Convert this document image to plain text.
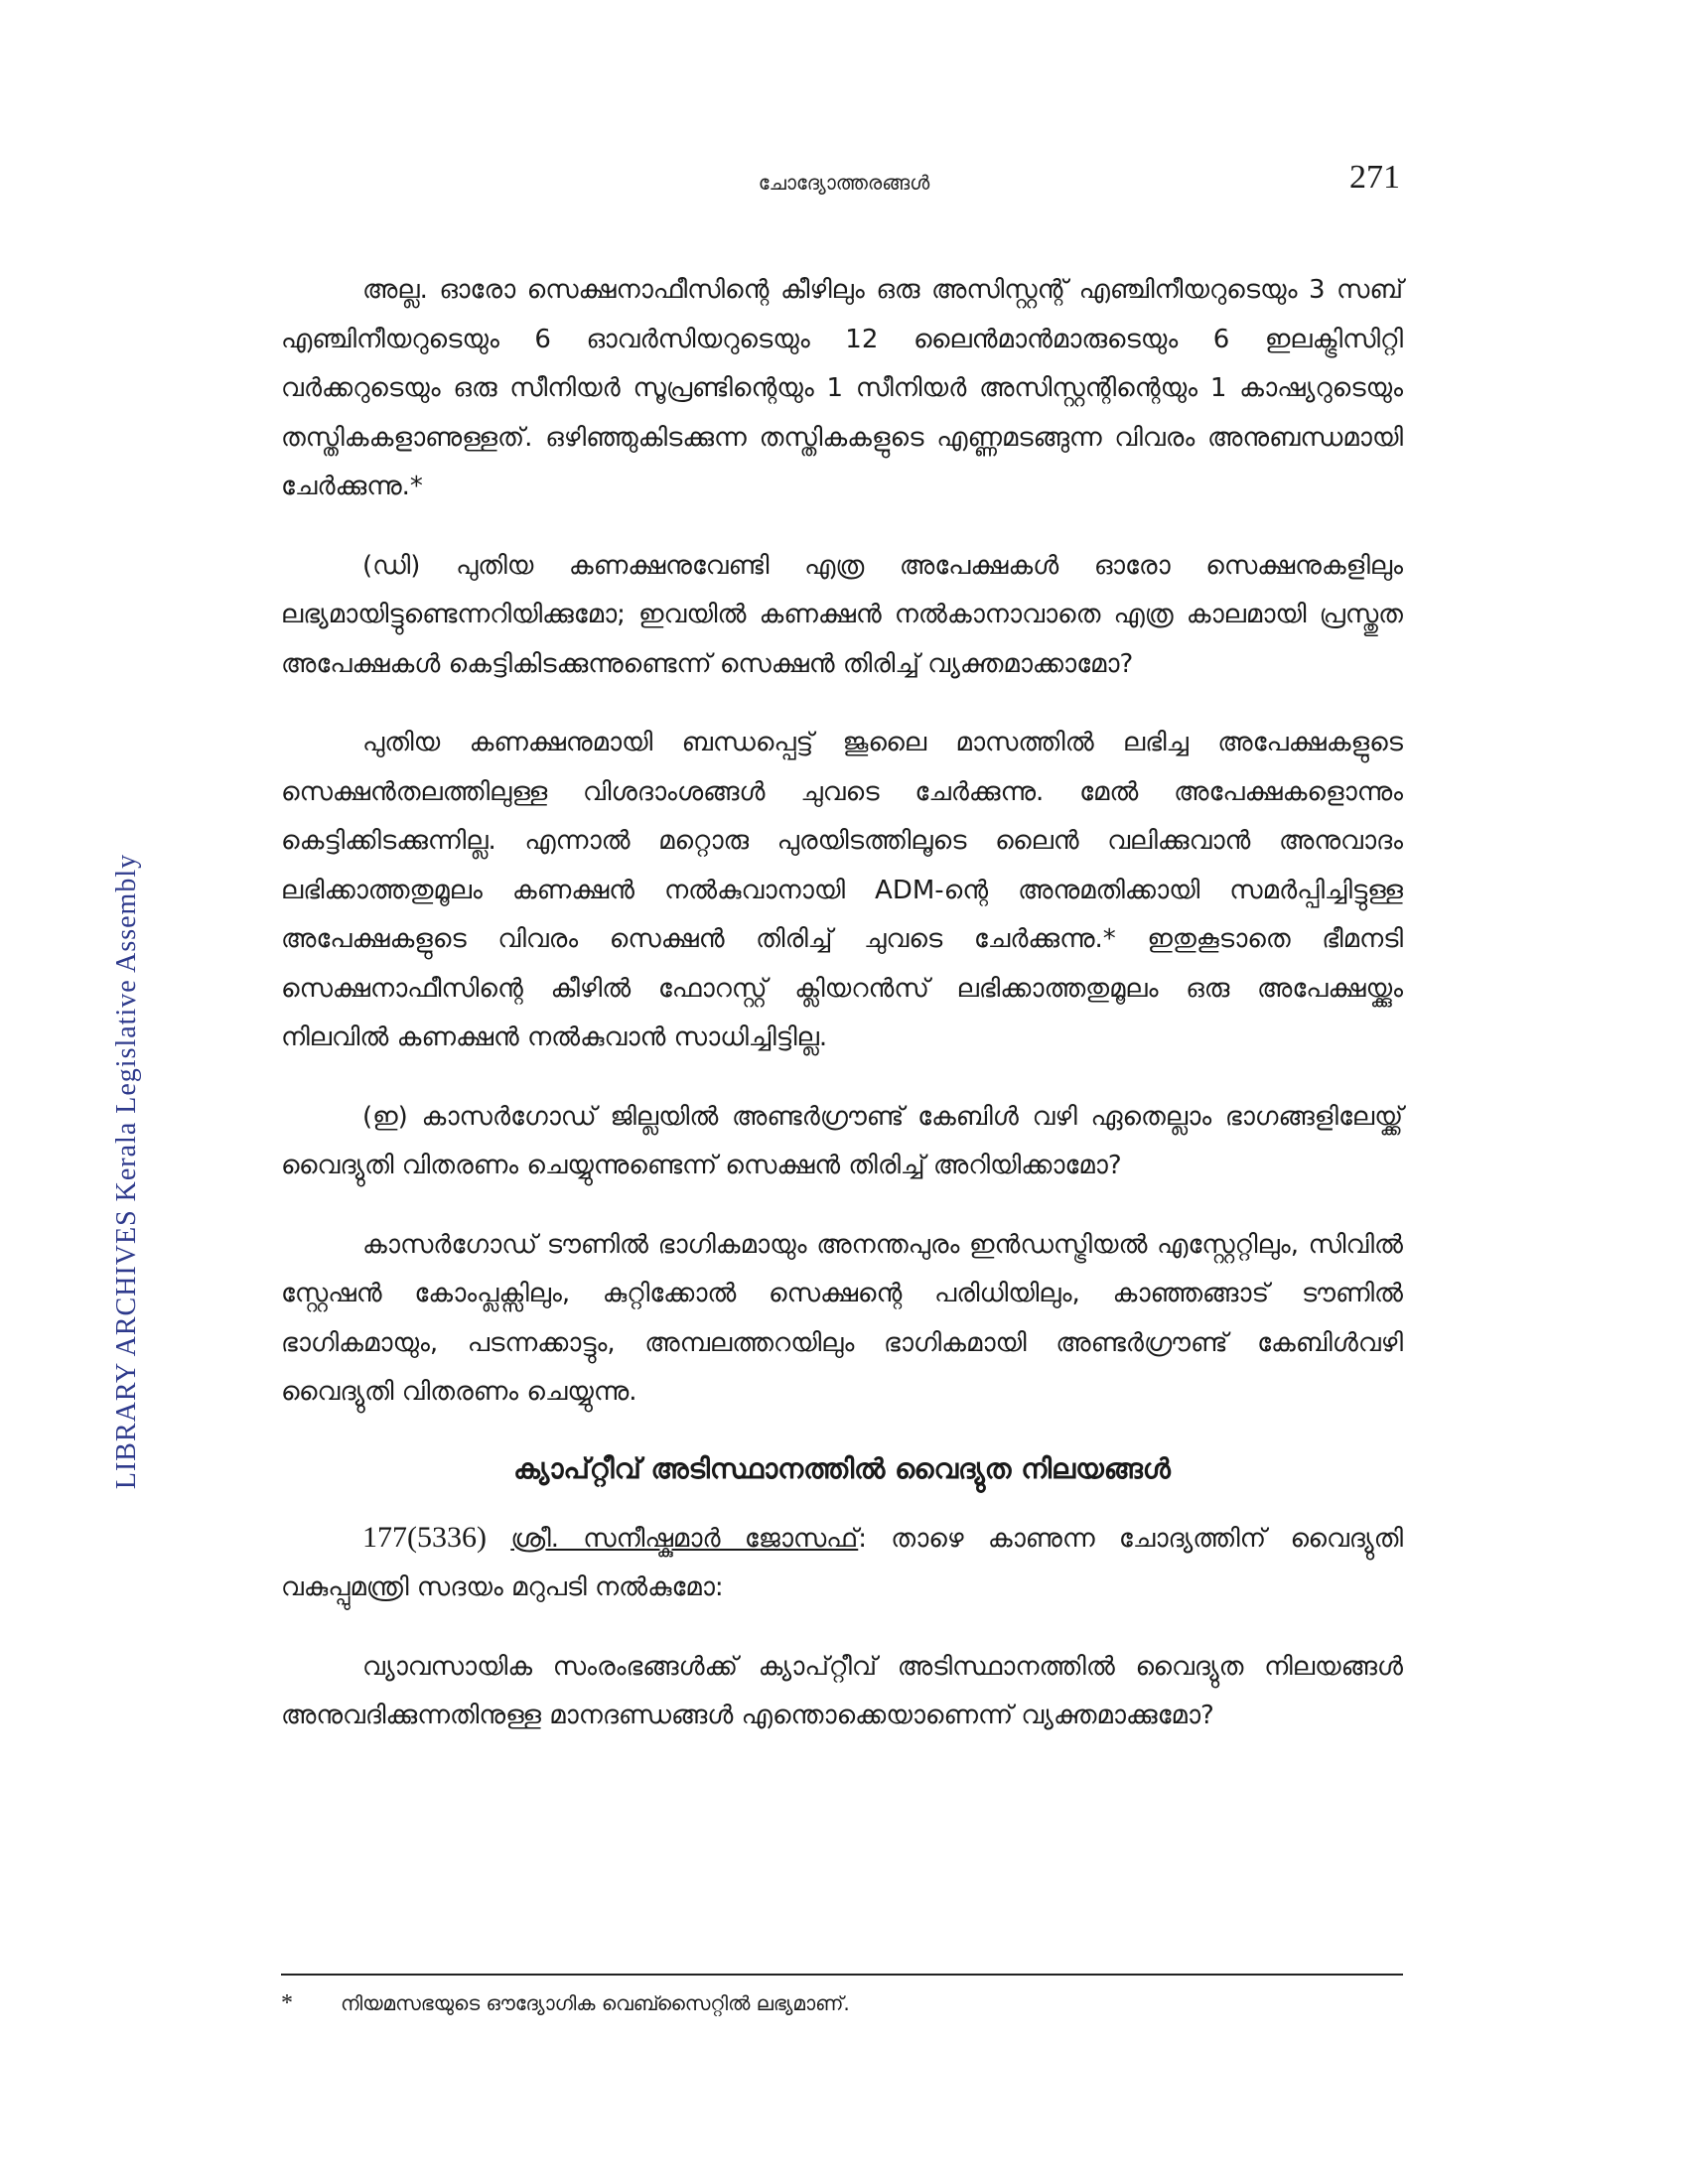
LIBRARY ARCHIVES Kerala Legislative Assembly
ചോദ്യോത്തരങ്ങൾ	271

അല്ല. ഓരോ സെക്ഷനാഫീസിന്റെ കീഴിലും ഒരു അസിസ്റ്റന്റ് എഞ്ചിനീയറുടെയും 3 സബ് എഞ്ചിനീയറുടെയും 6 ഓവർസിയറുടെയും 12 ലൈൻമാൻമാരുടെയും 6 ഇലക്ട്രിസിറ്റി വർക്കറുടെയും ഒരു സീനിയർ സൂപ്രണ്ടിന്റെയും 1 സീനിയർ അസിസ്റ്റന്റിന്റെയും 1 കാഷ്യറുടെയും തസ്തികകളാണുള്ളത്. ഒഴിഞ്ഞുകിടക്കുന്ന തസ്തികകളുടെ എണ്ണമടങ്ങുന്ന വിവരം അനുബന്ധമായി ചേർക്കുന്നു.*

(ഡി) പുതിയ കണക്ഷനുവേണ്ടി എത്ര അപേക്ഷകൾ ഓരോ സെക്ഷനുകളിലും ലഭ്യമായിട്ടുണ്ടെന്നറിയിക്കുമോ; ഇവയിൽ കണക്ഷൻ നൽകാനാവാതെ എത്ര കാലമായി പ്രസ്തുത അപേക്ഷകൾ കെട്ടികിടക്കുന്നുണ്ടെന്ന് സെക്ഷൻ തിരിച്ച് വ്യക്തമാക്കാമോ?

പുതിയ കണക്ഷനുമായി ബന്ധപ്പെട്ട് ജൂലൈ മാസത്തിൽ ലഭിച്ച അപേക്ഷകളുടെ സെക്ഷൻതലത്തിലുള്ള വിശദാംശങ്ങൾ ചുവടെ ചേർക്കുന്നു. മേൽ അപേക്ഷകളൊന്നും കെട്ടിക്കിടക്കുന്നില്ല. എന്നാൽ മറ്റൊരു പുരയിടത്തിലൂടെ ലൈൻ വലിക്കുവാൻ അനുവാദം ലഭിക്കാത്തതുമൂലം കണക്ഷൻ നൽകുവാനായി ADM-ന്റെ അനുമതിക്കായി സമർപ്പിച്ചിട്ടുള്ള അപേക്ഷകളുടെ വിവരം സെക്ഷൻ തിരിച്ച് ചുവടെ ചേർക്കുന്നു.* ഇതുകൂടാതെ ഭീമനടി സെക്ഷനാഫീസിന്റെ കീഴിൽ ഫോറസ്റ്റ് ക്ലിയറൻസ് ലഭിക്കാത്തതുമൂലം ഒരു അപേക്ഷയ്ക്കും നിലവിൽ കണക്ഷൻ നൽകുവാൻ സാധിച്ചിട്ടില്ല.

(ഇ) കാസർഗോഡ് ജില്ലയിൽ അണ്ടർഗ്രൗണ്ട് കേബിൾ വഴി ഏതെല്ലാം ഭാഗങ്ങളിലേയ്ക്ക് വൈദ്യുതി വിതരണം ചെയ്യുന്നുണ്ടെന്ന് സെക്ഷൻ തിരിച്ച് അറിയിക്കാമോ?

കാസർഗോഡ് ടൗണിൽ ഭാഗികമായും അനന്തപുരം ഇൻഡസ്ട്രിയൽ എസ്റ്റേറ്റിലും, സിവിൽ സ്റ്റേഷൻ കോംപ്ലക്സിലും, കുറ്റിക്കോൽ സെക്ഷന്റെ പരിധിയിലും, കാഞ്ഞങ്ങാട് ടൗണിൽ ഭാഗികമായും, പടന്നക്കാട്ടും, അമ്പലത്തറയിലും ഭാഗികമായി അണ്ടർഗ്രൗണ്ട് കേബിൾവഴി വൈദ്യുതി വിതരണം ചെയ്യുന്നു.

ക്യാപ്റ്റീവ് അടിസ്ഥാനത്തിൽ വൈദ്യുത നിലയങ്ങൾ

177(5336) ശ്രീ. സനീഷ്കുമാർ ജോസഫ്: താഴെ കാണുന്ന ചോദ്യത്തിന് വൈദ്യുതി വകുപ്പുമന്ത്രി സദയം മറുപടി നൽകുമോ:

വ്യാവസായിക സംരംഭങ്ങൾക്ക് ക്യാപ്റ്റീവ് അടിസ്ഥാനത്തിൽ വൈദ്യുത നിലയങ്ങൾ അനുവദിക്കുന്നതിനുള്ള മാനദണ്ഡങ്ങൾ എന്തൊക്കെയാണെന്ന് വ്യക്തമാക്കുമോ?

* നിയമസഭയുടെ ഔദ്യോഗിക വെബ്സൈറ്റിൽ ലഭ്യമാണ്.
